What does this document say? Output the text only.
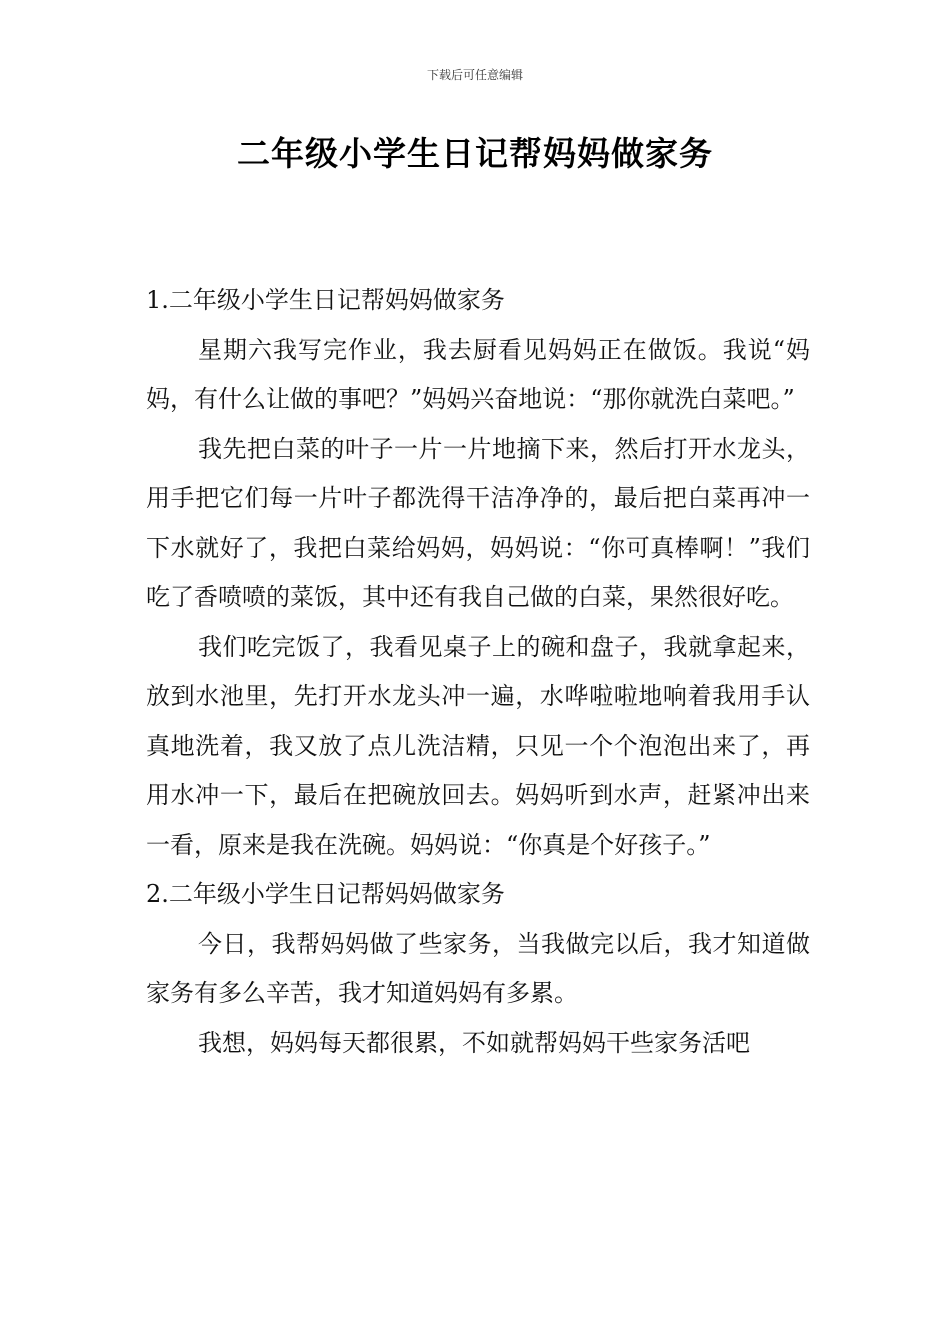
下载后可任意编辑
二年级小学生日记帮妈妈做家务

1.二年级小学生日记帮妈妈做家务

星期六我写完作业，我去厨看见妈妈正在做饭。我说“妈妈，有什么让做的事吧？”妈妈兴奋地说：“那你就洗白菜吧。”

我先把白菜的叶子一片一片地摘下来，然后打开水龙头，用手把它们每一片叶子都洗得干洁净净的，最后把白菜再冲一下水就好了，我把白菜给妈妈，妈妈说：“你可真棒啊！”我们吃了香喷喷的菜饭，其中还有我自己做的白菜，果然很好吃。

我们吃完饭了，我看见桌子上的碗和盘子，我就拿起来，放到水池里，先打开水龙头冲一遍，水哗啦啦地响着我用手认真地洗着，我又放了点儿洗洁精，只见一个个泡泡出来了，再用水冲一下，最后在把碗放回去。妈妈听到水声，赶紧冲出来一看，原来是我在洗碗。妈妈说：“你真是个好孩子。”

2.二年级小学生日记帮妈妈做家务

今日，我帮妈妈做了些家务，当我做完以后，我才知道做家务有多么辛苦，我才知道妈妈有多累。

我想，妈妈每天都很累，不如就帮妈妈干些家务活吧
